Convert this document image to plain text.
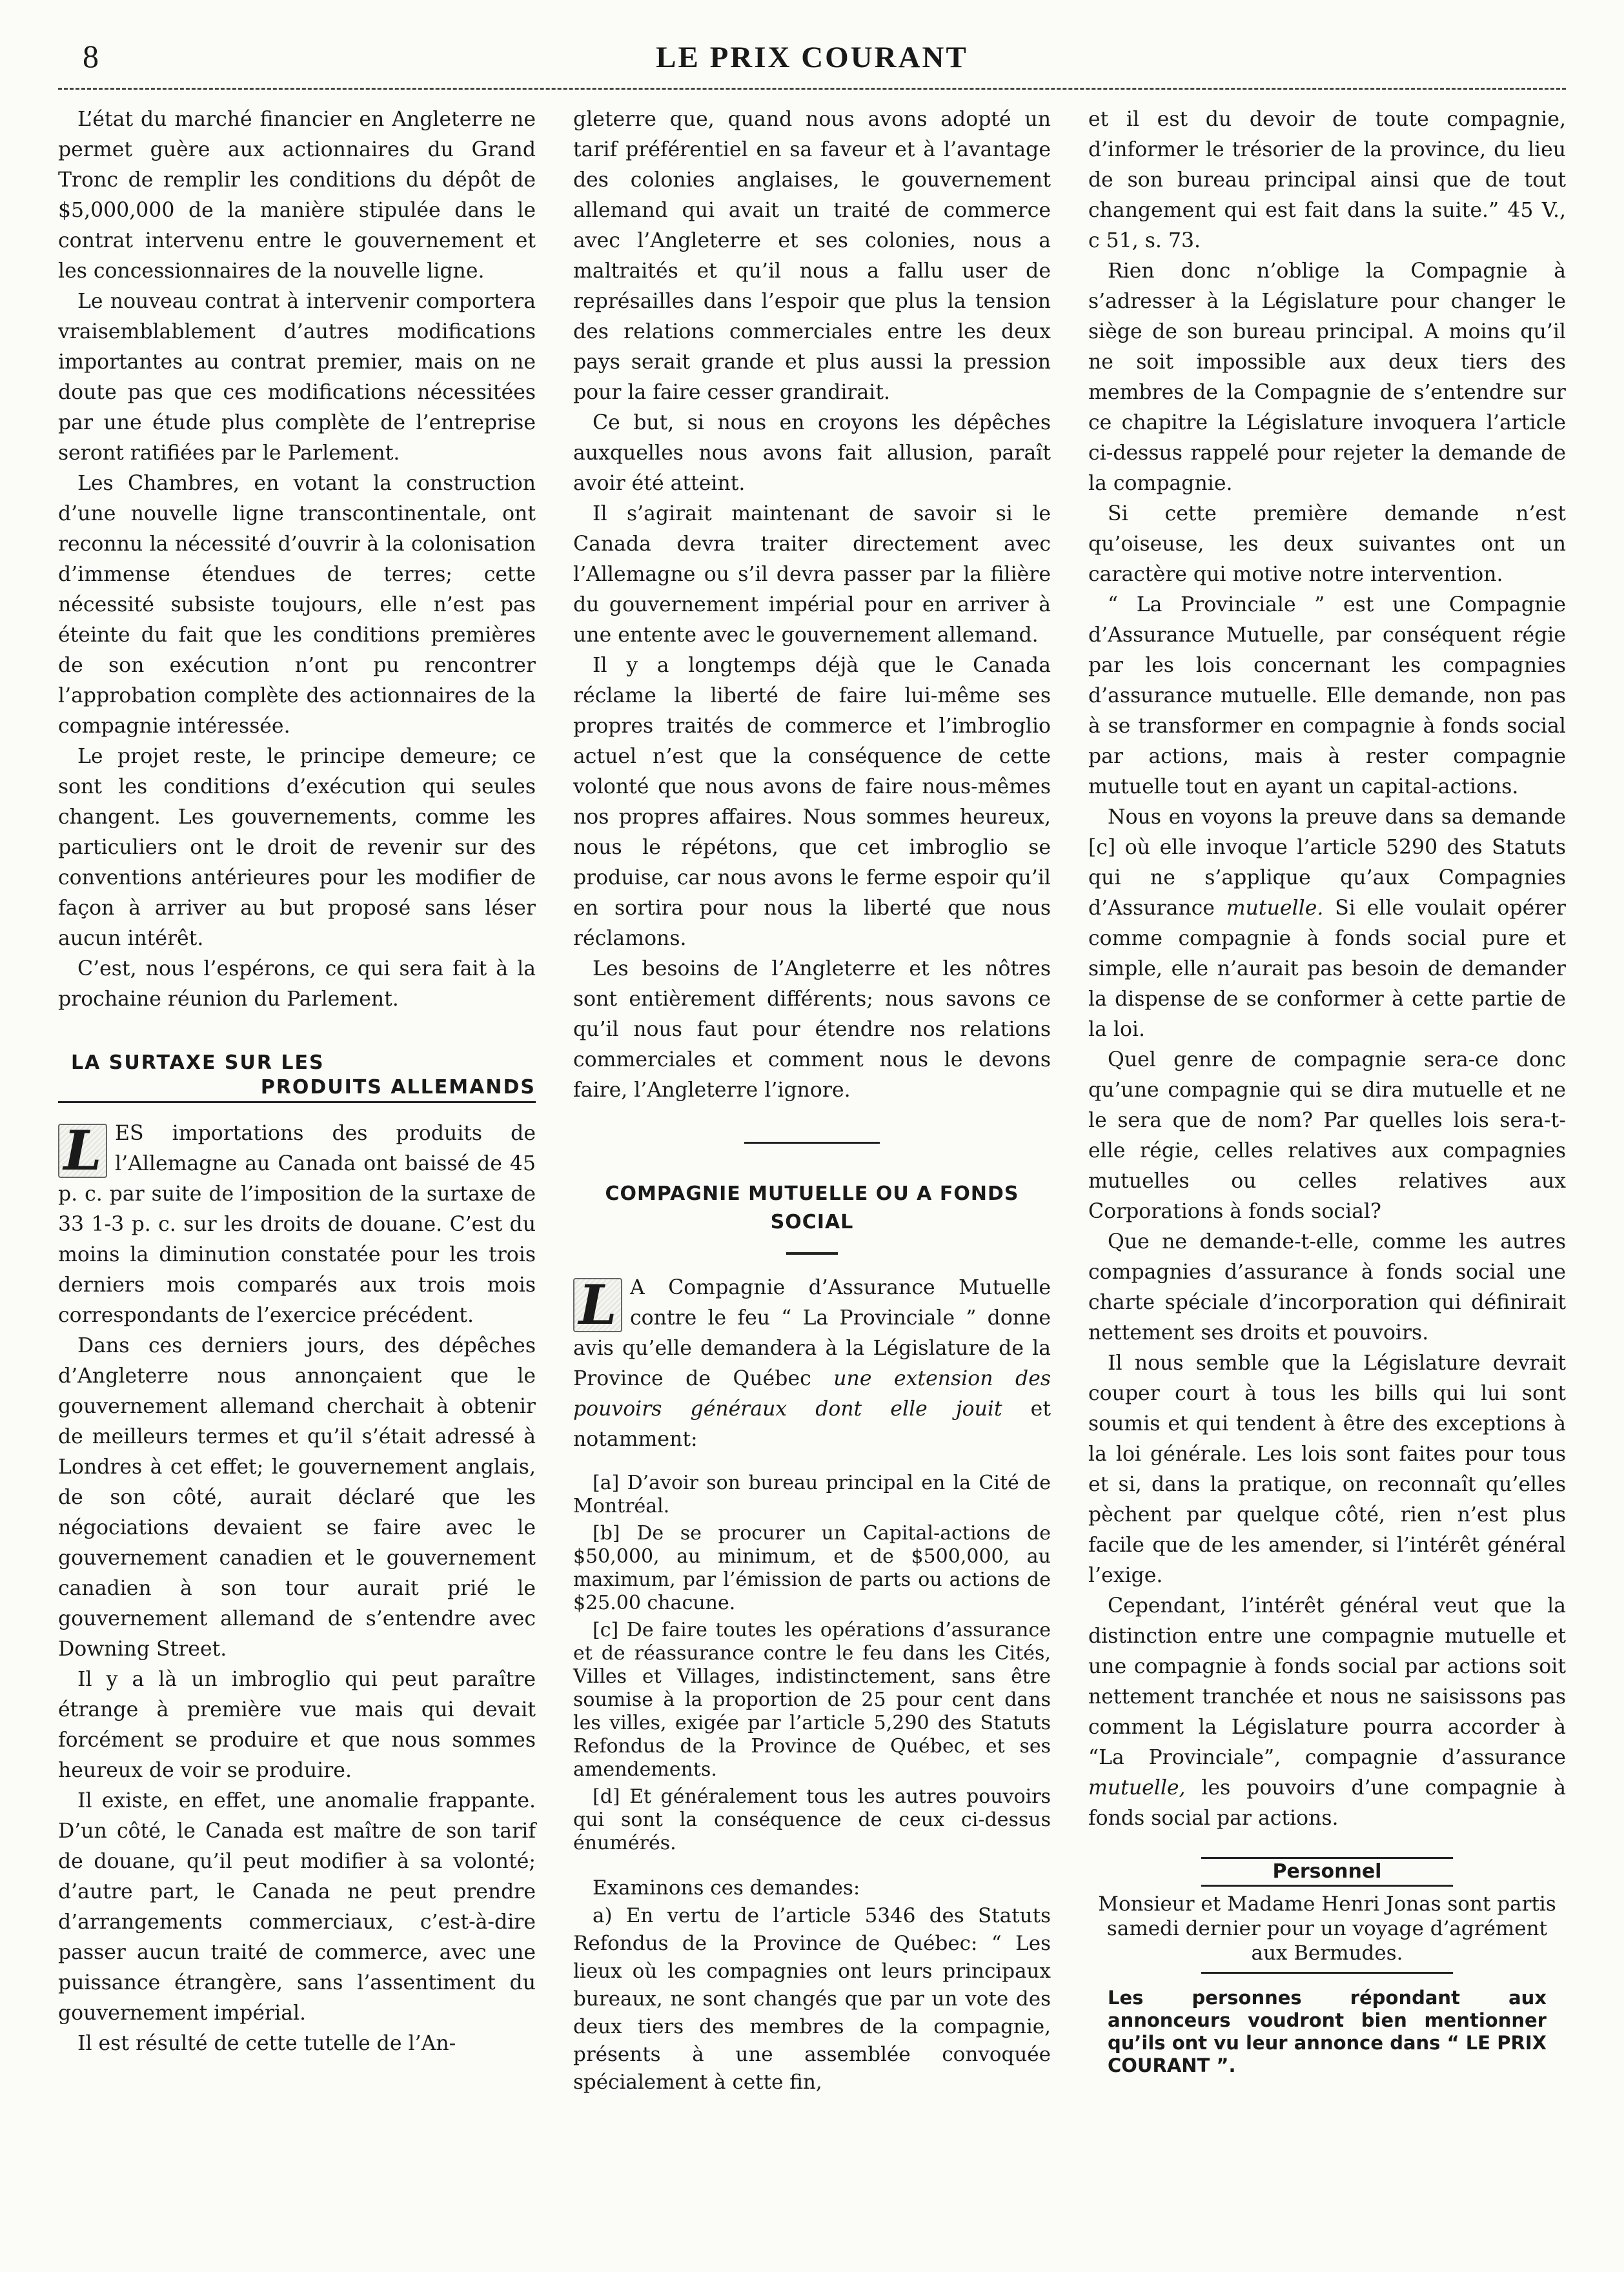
8	LE PRIX COURANT

L’état du marché financier en Angleterre ne permet guère aux actionnaires du Grand Tronc de remplir les conditions du dépôt de $5,000,000 de la manière stipulée dans le contrat intervenu entre le gouvernement et les concessionnaires de la nouvelle ligne.

Le nouveau contrat à intervenir comportera vraisemblablement d’autres modifications importantes au contrat premier, mais on ne doute pas que ces modifications nécessitées par une étude plus complète de l’entreprise seront ratifiées par le Parlement.

Les Chambres, en votant la construction d’une nouvelle ligne transcontinentale, ont reconnu la nécessité d’ouvrir à la colonisation d’immense étendues de terres; cette nécessité subsiste toujours, elle n’est pas éteinte du fait que les conditions premières de son exécution n’ont pu rencontrer l’approbation complète des actionnaires de la compagnie intéressée.

Le projet reste, le principe demeure; ce sont les conditions d’exécution qui seules changent. Les gouvernements, comme les particuliers ont le droit de revenir sur des conventions antérieures pour les modifier de façon à arriver au but proposé sans léser aucun intérêt.

C’est, nous l’espérons, ce qui sera fait à la prochaine réunion du Parlement.

LA SURTAXE SUR LES
PRODUITS ALLEMANDS

L ES importations des produits de l’Allemagne au Canada ont baissé de 45 p. c. par suite de l’imposition de la surtaxe de 33 1-3 p. c. sur les droits de douane. C’est du moins la diminution constatée pour les trois derniers mois comparés aux trois mois correspondants de l’exercice précédent.

Dans ces derniers jours, des dépêches d’Angleterre nous annonçaient que le gouvernement allemand cherchait à obtenir de meilleurs termes et qu’il s’était adressé à Londres à cet effet; le gouvernement anglais, de son côté, aurait déclaré que les négociations devaient se faire avec le gouvernement canadien et le gouvernement canadien à son tour aurait prié le gouvernement allemand de s’entendre avec Downing Street.

Il y a là un imbroglio qui peut paraître étrange à première vue mais qui devait forcément se produire et que nous sommes heureux de voir se produire.

Il existe, en effet, une anomalie frappante. D’un côté, le Canada est maître de son tarif de douane, qu’il peut modifier à sa volonté; d’autre part, le Canada ne peut prendre d’arrangements commerciaux, c’est-à-dire passer aucun traité de commerce, avec une puissance étrangère, sans l’assentiment du gouvernement impérial.

Il est résulté de cette tutelle de l’An-

gleterre que, quand nous avons adopté un tarif préférentiel en sa faveur et à l’avantage des colonies anglaises, le gouvernement allemand qui avait un traité de commerce avec l’Angleterre et ses colonies, nous a maltraités et qu’il nous a fallu user de représailles dans l’espoir que plus la tension des relations commerciales entre les deux pays serait grande et plus aussi la pression pour la faire cesser grandirait.

Ce but, si nous en croyons les dépêches auxquelles nous avons fait allusion, paraît avoir été atteint.

Il s’agirait maintenant de savoir si le Canada devra traiter directement avec l’Allemagne ou s’il devra passer par la filière du gouvernement impérial pour en arriver à une entente avec le gouvernement allemand.

Il y a longtemps déjà que le Canada réclame la liberté de faire lui-même ses propres traités de commerce et l’imbroglio actuel n’est que la conséquence de cette volonté que nous avons de faire nous-mêmes nos propres affaires. Nous sommes heureux, nous le répétons, que cet imbroglio se produise, car nous avons le ferme espoir qu’il en sortira pour nous la liberté que nous réclamons.

Les besoins de l’Angleterre et les nôtres sont entièrement différents; nous savons ce qu’il nous faut pour étendre nos relations commerciales et comment nous le devons faire, l’Angleterre l’ignore.

COMPAGNIE MUTUELLE OU A FONDS
SOCIAL

L A Compagnie d’Assurance Mutuelle contre le feu “ La Provinciale ” donne avis qu’elle demandera à la Législature de la Province de Québec une extension des pouvoirs généraux dont elle jouit et notamment:

[a] D’avoir son bureau principal en la Cité de Montréal.

[b] De se procurer un Capital-actions de $50,000, au minimum, et de $500,000, au maximum, par l’émission de parts ou actions de $25.00 chacune.

[c] De faire toutes les opérations d’assurance et de réassurance contre le feu dans les Cités, Villes et Villages, indistinctement, sans être soumise à la proportion de 25 pour cent dans les villes, exigée par l’article 5,290 des Statuts Refondus de la Province de Québec, et ses amendements.

[d] Et généralement tous les autres pouvoirs qui sont la conséquence de ceux ci-dessus énumérés.

Examinons ces demandes:

a) En vertu de l’article 5346 des Statuts Refondus de la Province de Québec: “ Les lieux où les compagnies ont leurs principaux bureaux, ne sont changés que par un vote des deux tiers des membres de la compagnie, présents à une assemblée convoquée spécialement à cette fin,

et il est du devoir de toute compagnie, d’informer le trésorier de la province, du lieu de son bureau principal ainsi que de tout changement qui est fait dans la suite.” 45 V., c 51, s. 73.

Rien donc n’oblige la Compagnie à s’adresser à la Législature pour changer le siège de son bureau principal. A moins qu’il ne soit impossible aux deux tiers des membres de la Compagnie de s’entendre sur ce chapitre la Législature invoquera l’article ci-dessus rappelé pour rejeter la demande de la compagnie.

Si cette première demande n’est qu’oiseuse, les deux suivantes ont un caractère qui motive notre intervention.

“ La Provinciale ” est une Compagnie d’Assurance Mutuelle, par conséquent régie par les lois concernant les compagnies d’assurance mutuelle. Elle demande, non pas à se transformer en compagnie à fonds social par actions, mais à rester compagnie mutuelle tout en ayant un capital-actions.

Nous en voyons la preuve dans sa demande [c] où elle invoque l’article 5290 des Statuts qui ne s’applique qu’aux Compagnies d’Assurance mutuelle. Si elle voulait opérer comme compagnie à fonds social pure et simple, elle n’aurait pas besoin de demander la dispense de se conformer à cette partie de la loi.

Quel genre de compagnie sera-ce donc qu’une compagnie qui se dira mutuelle et ne le sera que de nom? Par quelles lois sera-t-elle régie, celles relatives aux compagnies mutuelles ou celles relatives aux Corporations à fonds social?

Que ne demande-t-elle, comme les autres compagnies d’assurance à fonds social une charte spéciale d’incorporation qui définirait nettement ses droits et pouvoirs.

Il nous semble que la Législature devrait couper court à tous les bills qui lui sont soumis et qui tendent à être des exceptions à la loi générale. Les lois sont faites pour tous et si, dans la pratique, on reconnaît qu’elles pèchent par quelque côté, rien n’est plus facile que de les amender, si l’intérêt général l’exige.

Cependant, l’intérêt général veut que la distinction entre une compagnie mutuelle et une compagnie à fonds social par actions soit nettement tranchée et nous ne saisissons pas comment la Législature pourra accorder à “La Provinciale”, compagnie d’assurance mutuelle, les pouvoirs d’une compagnie à fonds social par actions.

Personnel

Monsieur et Madame Henri Jonas sont partis samedi dernier pour un voyage d’agrément aux Bermudes.

Les personnes répondant aux annonceurs voudront bien mentionner qu’ils ont vu leur annonce dans “ LE PRIX COURANT ”.
